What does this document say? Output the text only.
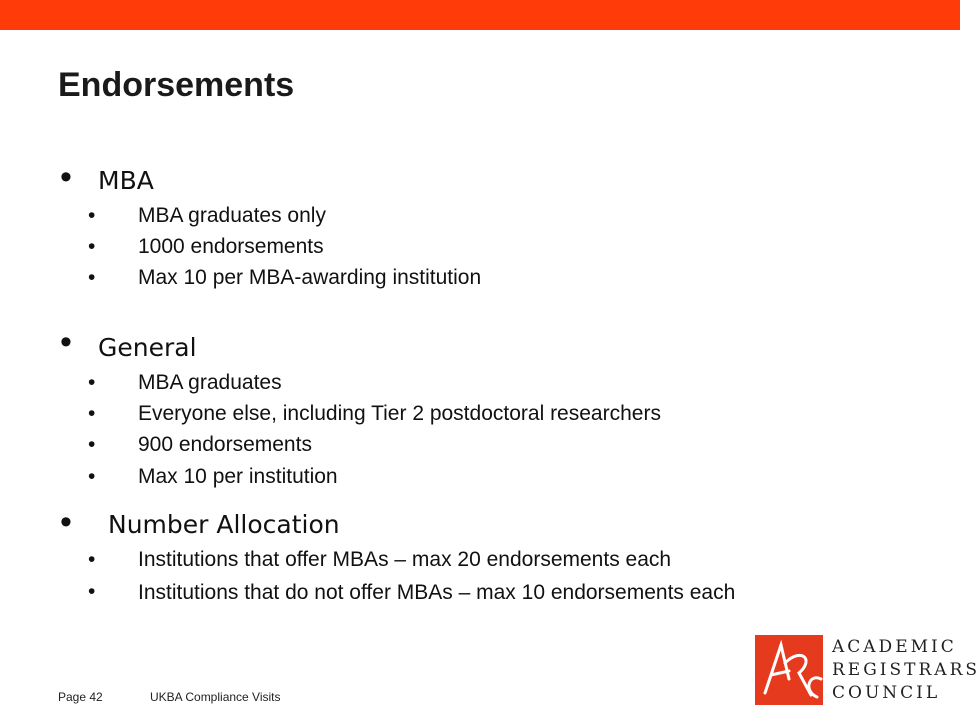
Endorsements
• MBA
• MBA graduates only
• 1000 endorsements
• Max 10 per MBA-awarding institution
• General
• MBA graduates
• Everyone else, including Tier 2 postdoctoral researchers
• 900 endorsements
• Max 10 per institution
• Number Allocation
• Institutions that offer MBAs – max 20 endorsements each
• Institutions that do not offer MBAs – max 10 endorsements each
Page 42	UKBA Compliance Visits
ACADEMIC
REGISTRARS
COUNCIL
